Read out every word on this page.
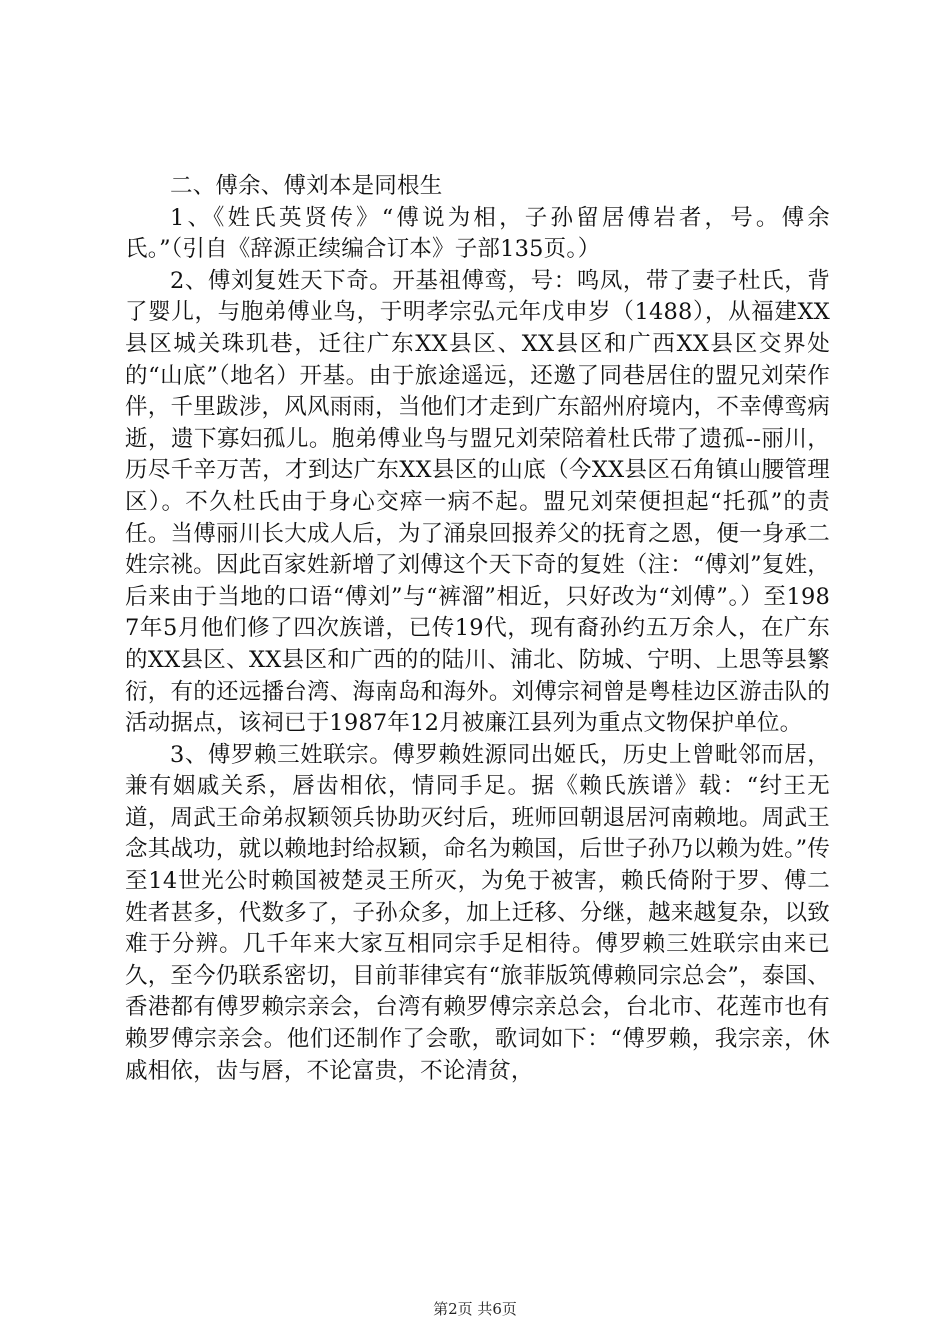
二、傅余、傅刘本是同根生

1、《姓氏英贤传》“傅说为相，子孙留居傅岩者，号。傅余氏。”（引自《辞源正续编合订本》子部135页。）

2、傅刘复姓天下奇。开基祖傅鸾，号：鸣凤，带了妻子杜氏，背了婴儿，与胞弟傅业鸟，于明孝宗弘元年戊申岁（1488），从福建XX县区城关珠玑巷，迁往广东XX县区、XX县区和广西XX县区交界处的“山底”（地名）开基。由于旅途遥远，还邀了同巷居住的盟兄刘荣作伴，千里跋涉，风风雨雨，当他们才走到广东韶州府境内，不幸傅鸾病逝，遗下寡妇孤儿。胞弟傅业鸟与盟兄刘荣陪着杜氏带了遗孤--丽川，历尽千辛万苦，才到达广东XX县区的山底（今XX县区石角镇山腰管理区）。不久杜氏由于身心交瘁一病不起。盟兄刘荣便担起“托孤”的责任。当傅丽川长大成人后，为了涌泉回报养父的抚育之恩，便一身承二姓宗祧。因此百家姓新增了刘傅这个天下奇的复姓（注：“傅刘”复姓，后来由于当地的口语“傅刘”与“裤溜”相近，只好改为“刘傅”。）至1987年5月他们修了四次族谱，已传19代，现有裔孙约五万余人，在广东的XX县区、XX县区和广西的的陆川、浦北、防城、宁明、上思等县繁衍，有的还远播台湾、海南岛和海外。刘傅宗祠曾是粤桂边区游击队的活动据点，该祠已于1987年12月被廉江县列为重点文物保护单位。

3、傅罗赖三姓联宗。傅罗赖姓源同出姬氏，历史上曾毗邻而居，兼有姻戚关系，唇齿相依，情同手足。据《赖氏族谱》载：“纣王无道，周武王命弟叔颖领兵协助灭纣后，班师回朝退居河南赖地。周武王念其战功，就以赖地封给叔颖，命名为赖国，后世子孙乃以赖为姓。”传至14世光公时赖国被楚灵王所灭，为免于被害，赖氏倚附于罗、傅二姓者甚多，代数多了，子孙众多，加上迁移、分继，越来越复杂，以致难于分辨。几千年来大家互相同宗手足相待。傅罗赖三姓联宗由来已久，至今仍联系密切，目前菲律宾有“旅菲版筑傅赖同宗总会”，泰国、香港都有傅罗赖宗亲会，台湾有赖罗傅宗亲总会，台北市、花莲市也有赖罗傅宗亲会。他们还制作了会歌，歌词如下：“傅罗赖，我宗亲，休戚相依，齿与唇，不论富贵，不论清贫，

第2页 共6页
